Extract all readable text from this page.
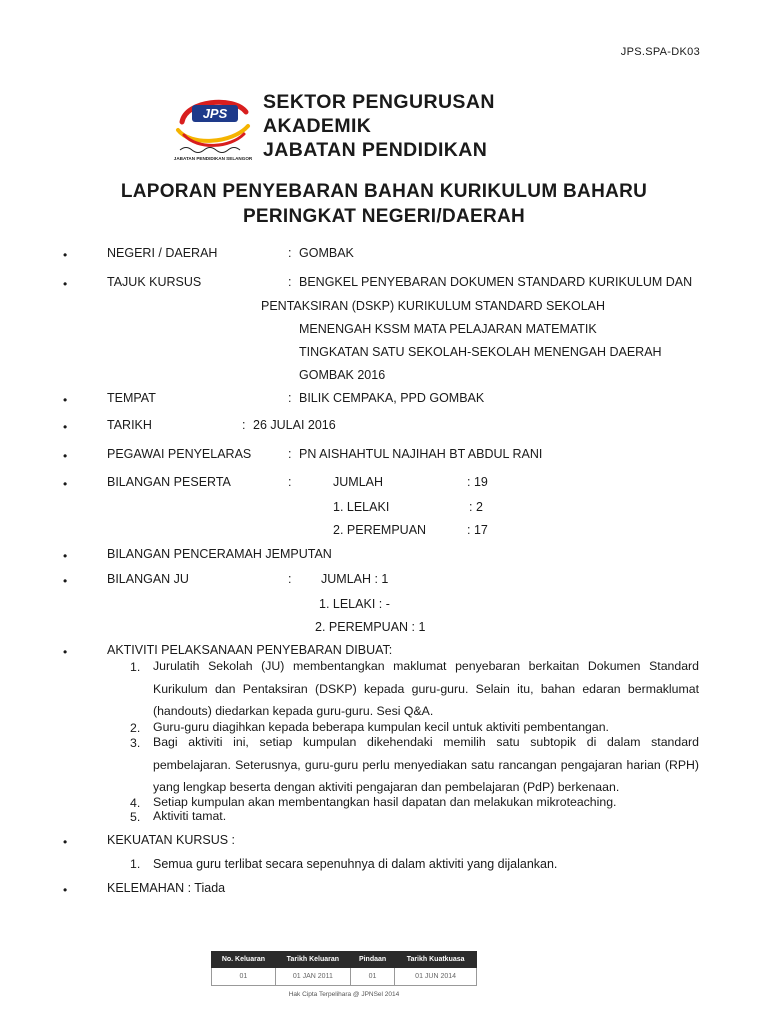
JPS.SPA-DK03
JPS
JABATAN PENDIDIKAN SELANGOR
SEKTOR PENGURUSAN
AKADEMIK
JABATAN PENDIDIKAN
LAPORAN PENYEBARAN BAHAN KURIKULUM BAHARU
PERINGKAT NEGERI/DAERAH
•	NEGERI / DAERAH	: GOMBAK
•	TAJUK KURSUS	: BENGKEL PENYEBARAN DOKUMEN STANDARD KURIKULUM DAN
PENTAKSIRAN (DSKP) KURIKULUM STANDARD SEKOLAH
MENENGAH KSSM MATA PELAJARAN MATEMATIK
TINGKATAN SATU SEKOLAH-SEKOLAH MENENGAH DAERAH
GOMBAK 2016
•	TEMPAT	: BILIK CEMPAKA, PPD GOMBAK
•	TARIKH	: 26 JULAI 2016
•	PEGAWAI PENYELARAS	: PN AISHAHTUL NAJIHAH BT ABDUL RANI
•	BILANGAN PESERTA	:	JUMLAH	: 19
1. LELAKI	: 2
2. PEREMPUAN	: 17
•	BILANGAN PENCERAMAH JEMPUTAN
•	BILANGAN JU	: JUMLAH : 1
1. LELAKI : -
2. PEREMPUAN : 1
•	AKTIVITI PELAKSANAAN PENYEBARAN DIBUAT:
1. Jurulatih Sekolah (JU) membentangkan maklumat penyebaran berkaitan Dokumen Standard Kurikulum dan Pentaksiran (DSKP) kepada guru-guru. Selain itu, bahan edaran bermaklumat (handouts) diedarkan kepada guru-guru. Sesi Q&A.
2. Guru-guru diagihkan kepada beberapa kumpulan kecil untuk aktiviti pembentangan.
3. Bagi aktiviti ini, setiap kumpulan dikehendaki memilih satu subtopik di dalam standard pembelajaran. Seterusnya, guru-guru perlu menyediakan satu rancangan pengajaran harian (RPH) yang lengkap beserta dengan aktiviti pengajaran dan pembelajaran (PdP) berkenaan.
4. Setiap kumpulan akan membentangkan hasil dapatan dan melakukan mikroteaching.
5. Aktiviti tamat.
•	KEKUATAN KURSUS :
1. Semua guru terlibat secara sepenuhnya di dalam aktiviti yang dijalankan.
•	KELEMAHAN : Tiada
No. Keluaran	Tarikh Keluaran	Pindaan	Tarikh Kuatkuasa
01	01 JAN 2011	01	01 JUN 2014
Hak Cipta Terpelihara @ JPNSel 2014			
